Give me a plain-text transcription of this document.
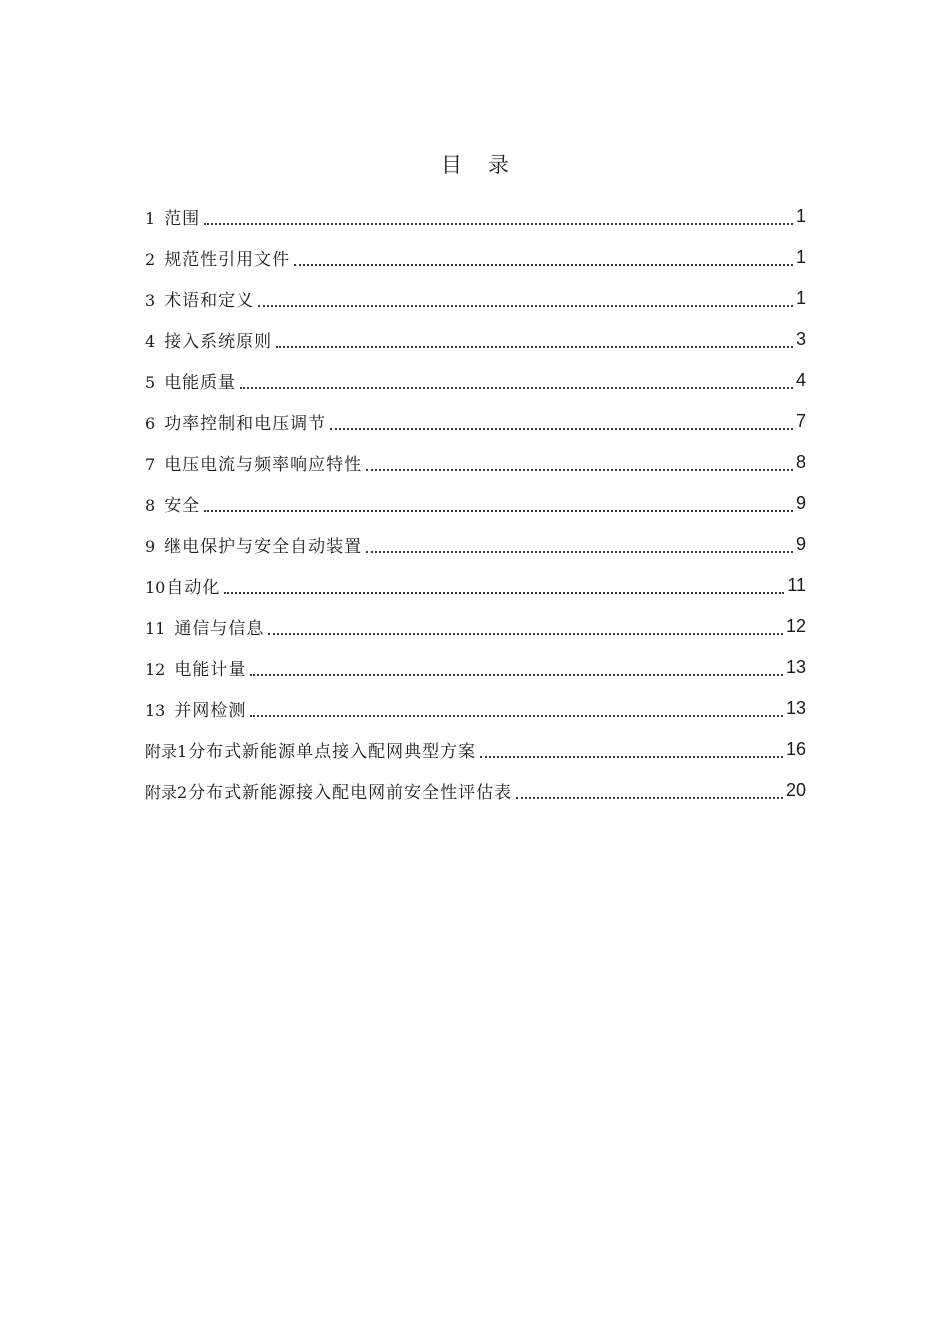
目 录
1 范围	1
2 规范性引用文件	1
3 术语和定义	1
4 接入系统原则	3
5 电能质量	4
6 功率控制和电压调节	7
7 电压电流与频率响应特性	8
8 安全	9
9 继电保护与安全自动装置	9
10 自动化	11
11 通信与信息	12
12 电能计量	13
13 并网检测	13
附录1 分布式新能源单点接入配网典型方案	16
附录2 分布式新能源接入配电网前安全性评估表	20
